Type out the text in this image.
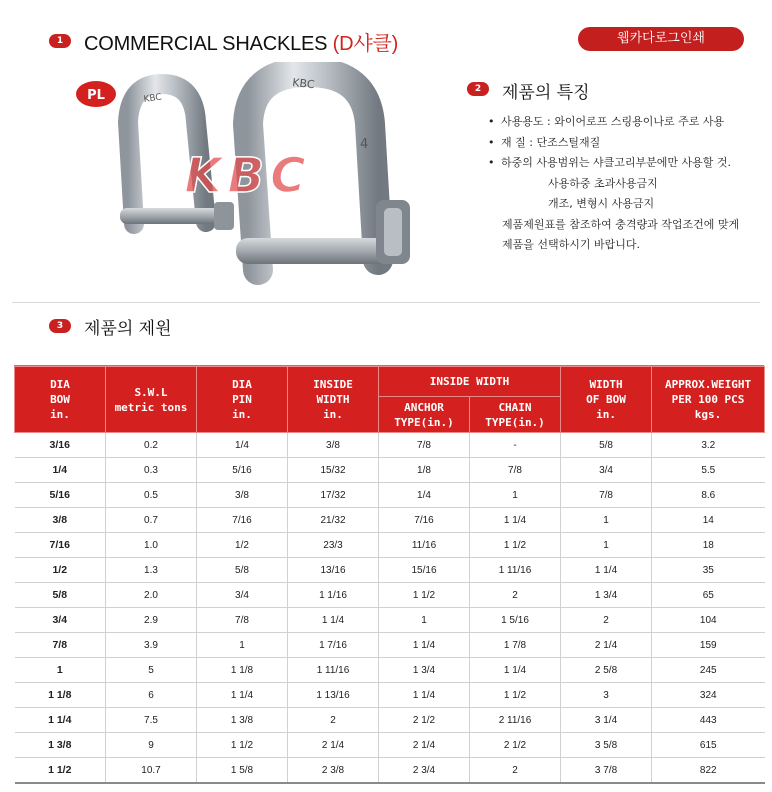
1	COMMERCIAL SHACKLES (D샤클)	웹카다로그인쇄
KBC
KBC
4
PL
KBC
2	제품의 특징
• 사용용도 : 와이어로프 스링용이나로 주로 사용
• 재 질 : 단조스틸재질
• 하중의 사용범위는 샤클고리부분에만 사용할 것.
사용하중 초과사용금지
개조, 변형시 사용금지
제품제원표를 참조하여 충격량과 작업조건에 맞게
제품을 선택하시기 바랍니다.
3	제품의 제원
DIA
BOW
in.	S.W.L
metric tons	DIA
PIN
in.	INSIDE
WIDTH
in.	INSIDE WIDTH		WIDTH
OF BOW
in.	APPROX.WEIGHT
PER 100 PCS
kgs.
				ANCHOR
TYPE(in.)	CHAIN
TYPE(in.)		
3/16	0.2	1/4	3/8	7/8	-	5/8	3.2
1/4	0.3	5/16	15/32	1/8	7/8	3/4	5.5
5/16	0.5	3/8	17/32	1/4	1	7/8	8.6
3/8	0.7	7/16	21/32	7/16	1 1/4	1	14
7/16	1.0	1/2	23/3	11/16	1 1/2	1	18
1/2	1.3	5/8	13/16	15/16	1 11/16	1 1/4	35
5/8	2.0	3/4	1 1/16	1 1/2	2	1 3/4	65
3/4	2.9	7/8	1 1/4	1	1 5/16	2	104
7/8	3.9	1	1 7/16	1 1/4	1 7/8	2 1/4	159
1	5	1 1/8	1 11/16	1 3/4	1 1/4	2 5/8	245
1 1/8	6	1 1/4	1 13/16	1 1/4	1 1/2	3	324
1 1/4	7.5	1 3/8	2	2 1/2	2 11/16	3 1/4	443
1 3/8	9	1 1/2	2 1/4	2 1/4	2 1/2	3 5/8	615
1 1/2	10.7	1 5/8	2 3/8	2 3/4	2	3 7/8	822
